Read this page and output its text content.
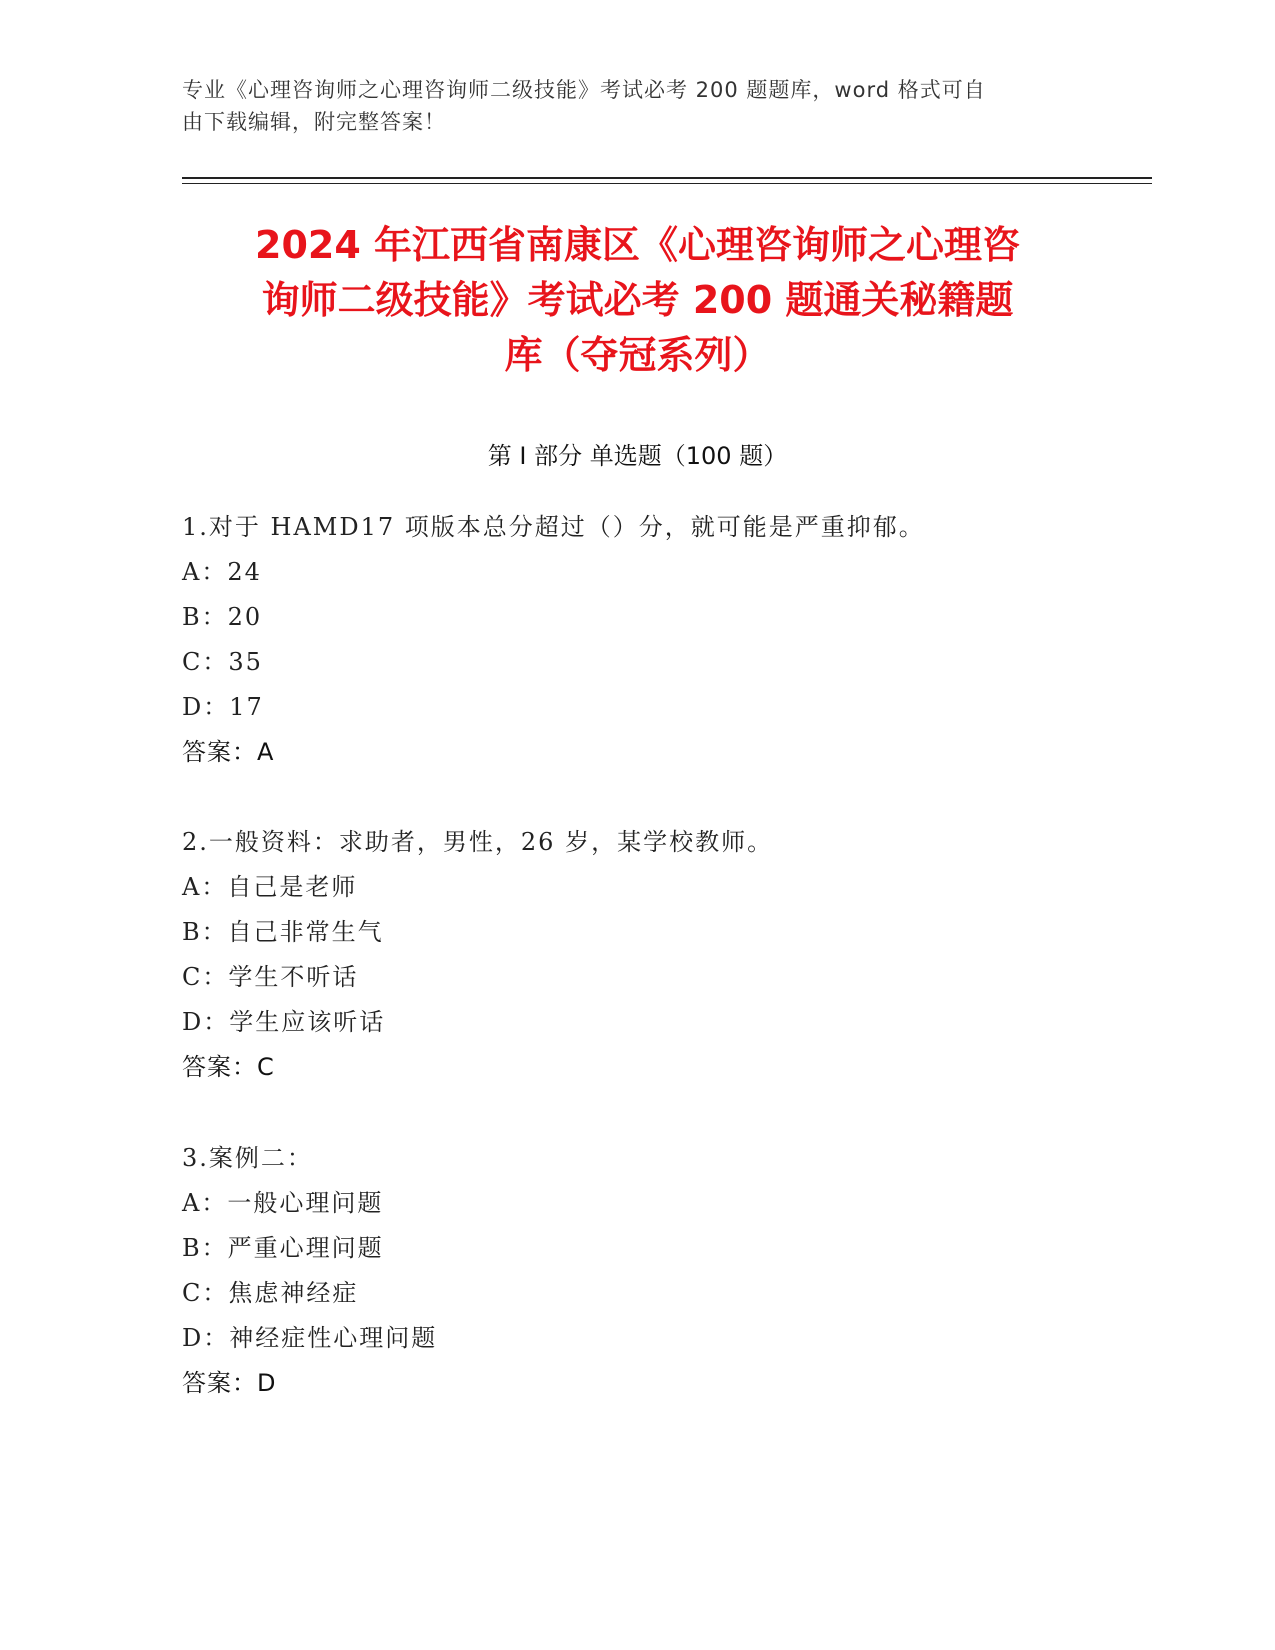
专业《心理咨询师之心理咨询师二级技能》考试必考 200 题题库，word 格式可自
由下载编辑，附完整答案！
2024 年江西省南康区《心理咨询师之心理咨
询师二级技能》考试必考 200 题通关秘籍题
库（夺冠系列）
第 I 部分 单选题（100 题）
1.对于 HAMD17 项版本总分超过（）分，就可能是严重抑郁。
A：24
B：20
C：35
D：17
答案：A
2.一般资料：求助者，男性，26 岁，某学校教师。
A：自己是老师
B：自己非常生气
C：学生不听话
D：学生应该听话
答案：C
3.案例二：
A：一般心理问题
B：严重心理问题
C：焦虑神经症
D：神经症性心理问题
答案：D
